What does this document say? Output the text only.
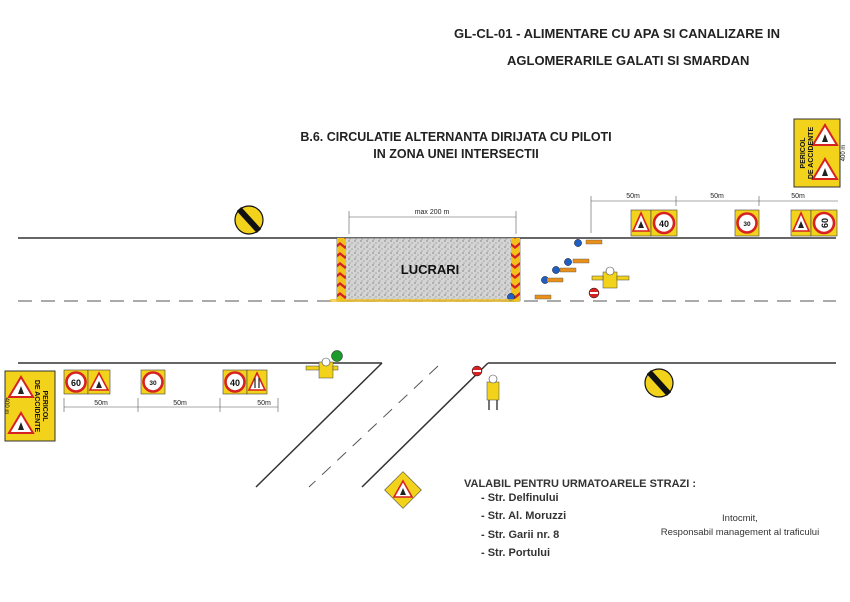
GL-CL-01 - ALIMENTARE CU APA SI CANALIZARE IN
AGLOMERARILE GALATI SI SMARDAN
B.6. CIRCULATIE ALTERNANTA DIRIJATA CU PILOTI
IN ZONA UNEI INTERSECTII
LUCRARI
max 200 m
50m	50m	50m
50m	50m	50m
40	30	60
60	30	40
PERICOL DE ACCIDENTE	400 m
PERICOL
DE ACCIDENTE
400 m
VALABIL PENTRU URMATOARELE STRAZI :
- Str. Delfinului
- Str. Al. Moruzzi
- Str. Garii nr. 8
- Str. Portului
Intocmit,
Responsabil management al traficului
